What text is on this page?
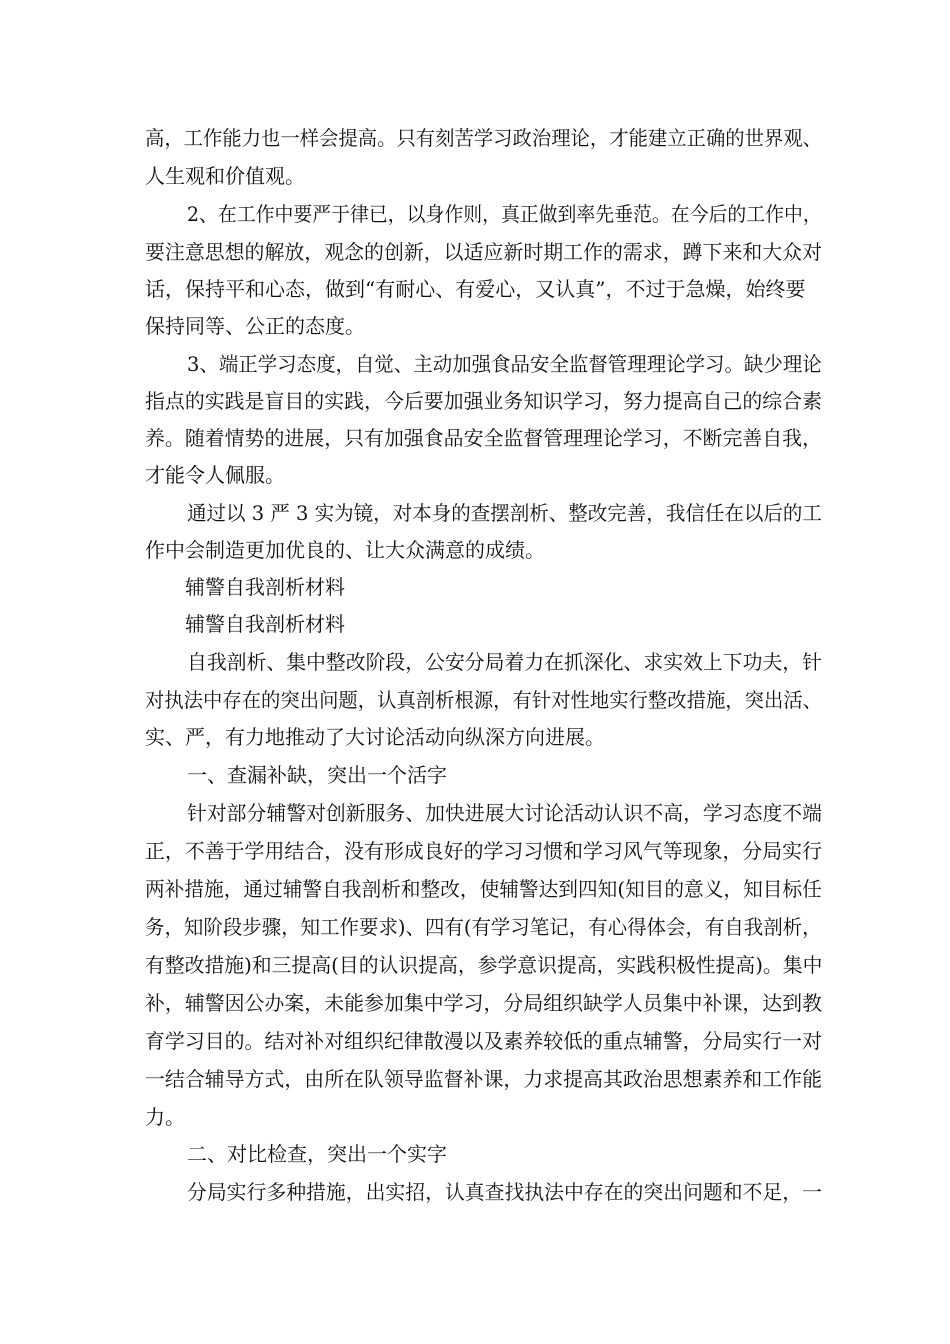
高，工作能力也一样会提高。只有刻苦学习政治理论，才能建立正确的世界观、

人生观和价值观。

2、在工作中要严于律已，以身作则，真正做到率先垂范。在今后的工作中，

要注意思想的解放，观念的创新，以适应新时期工作的需求，蹲下来和大众对

话，保持平和心态，做到“有耐心、有爱心，又认真”，不过于急燥，始终要

保持同等、公正的态度。

3、端正学习态度，自觉、主动加强食品安全监督管理理论学习。缺少理论

指点的实践是盲目的实践，今后要加强业务知识学习，努力提高自己的综合素

养。随着情势的进展，只有加强食品安全监督管理理论学习，不断完善自我，

才能令人佩服。

通过以 3 严 3 实为镜，对本身的查摆剖析、整改完善，我信任在以后的工

作中会制造更加优良的、让大众满意的成绩。

辅警自我剖析材料

辅警自我剖析材料

自我剖析、集中整改阶段，公安分局着力在抓深化、求实效上下功夫，针

对执法中存在的突出问题，认真剖析根源，有针对性地实行整改措施，突出活、

实、严，有力地推动了大讨论活动向纵深方向进展。

一、查漏补缺，突出一个活字

针对部分辅警对创新服务、加快进展大讨论活动认识不高，学习态度不端

正，不善于学用结合，没有形成良好的学习习惯和学习风气等现象，分局实行

两补措施，通过辅警自我剖析和整改，使辅警达到四知(知目的意义，知目标任

务，知阶段步骤，知工作要求)、四有(有学习笔记，有心得体会，有自我剖析，

有整改措施)和三提高(目的认识提高，参学意识提高，实践积极性提高)。集中

补，辅警因公办案，未能参加集中学习，分局组织缺学人员集中补课，达到教

育学习目的。结对补对组织纪律散漫以及素养较低的重点辅警，分局实行一对

一结合辅导方式，由所在队领导监督补课，力求提高其政治思想素养和工作能

力。

二、对比检查，突出一个实字

分局实行多种措施，出实招，认真查找执法中存在的突出问题和不足，一
